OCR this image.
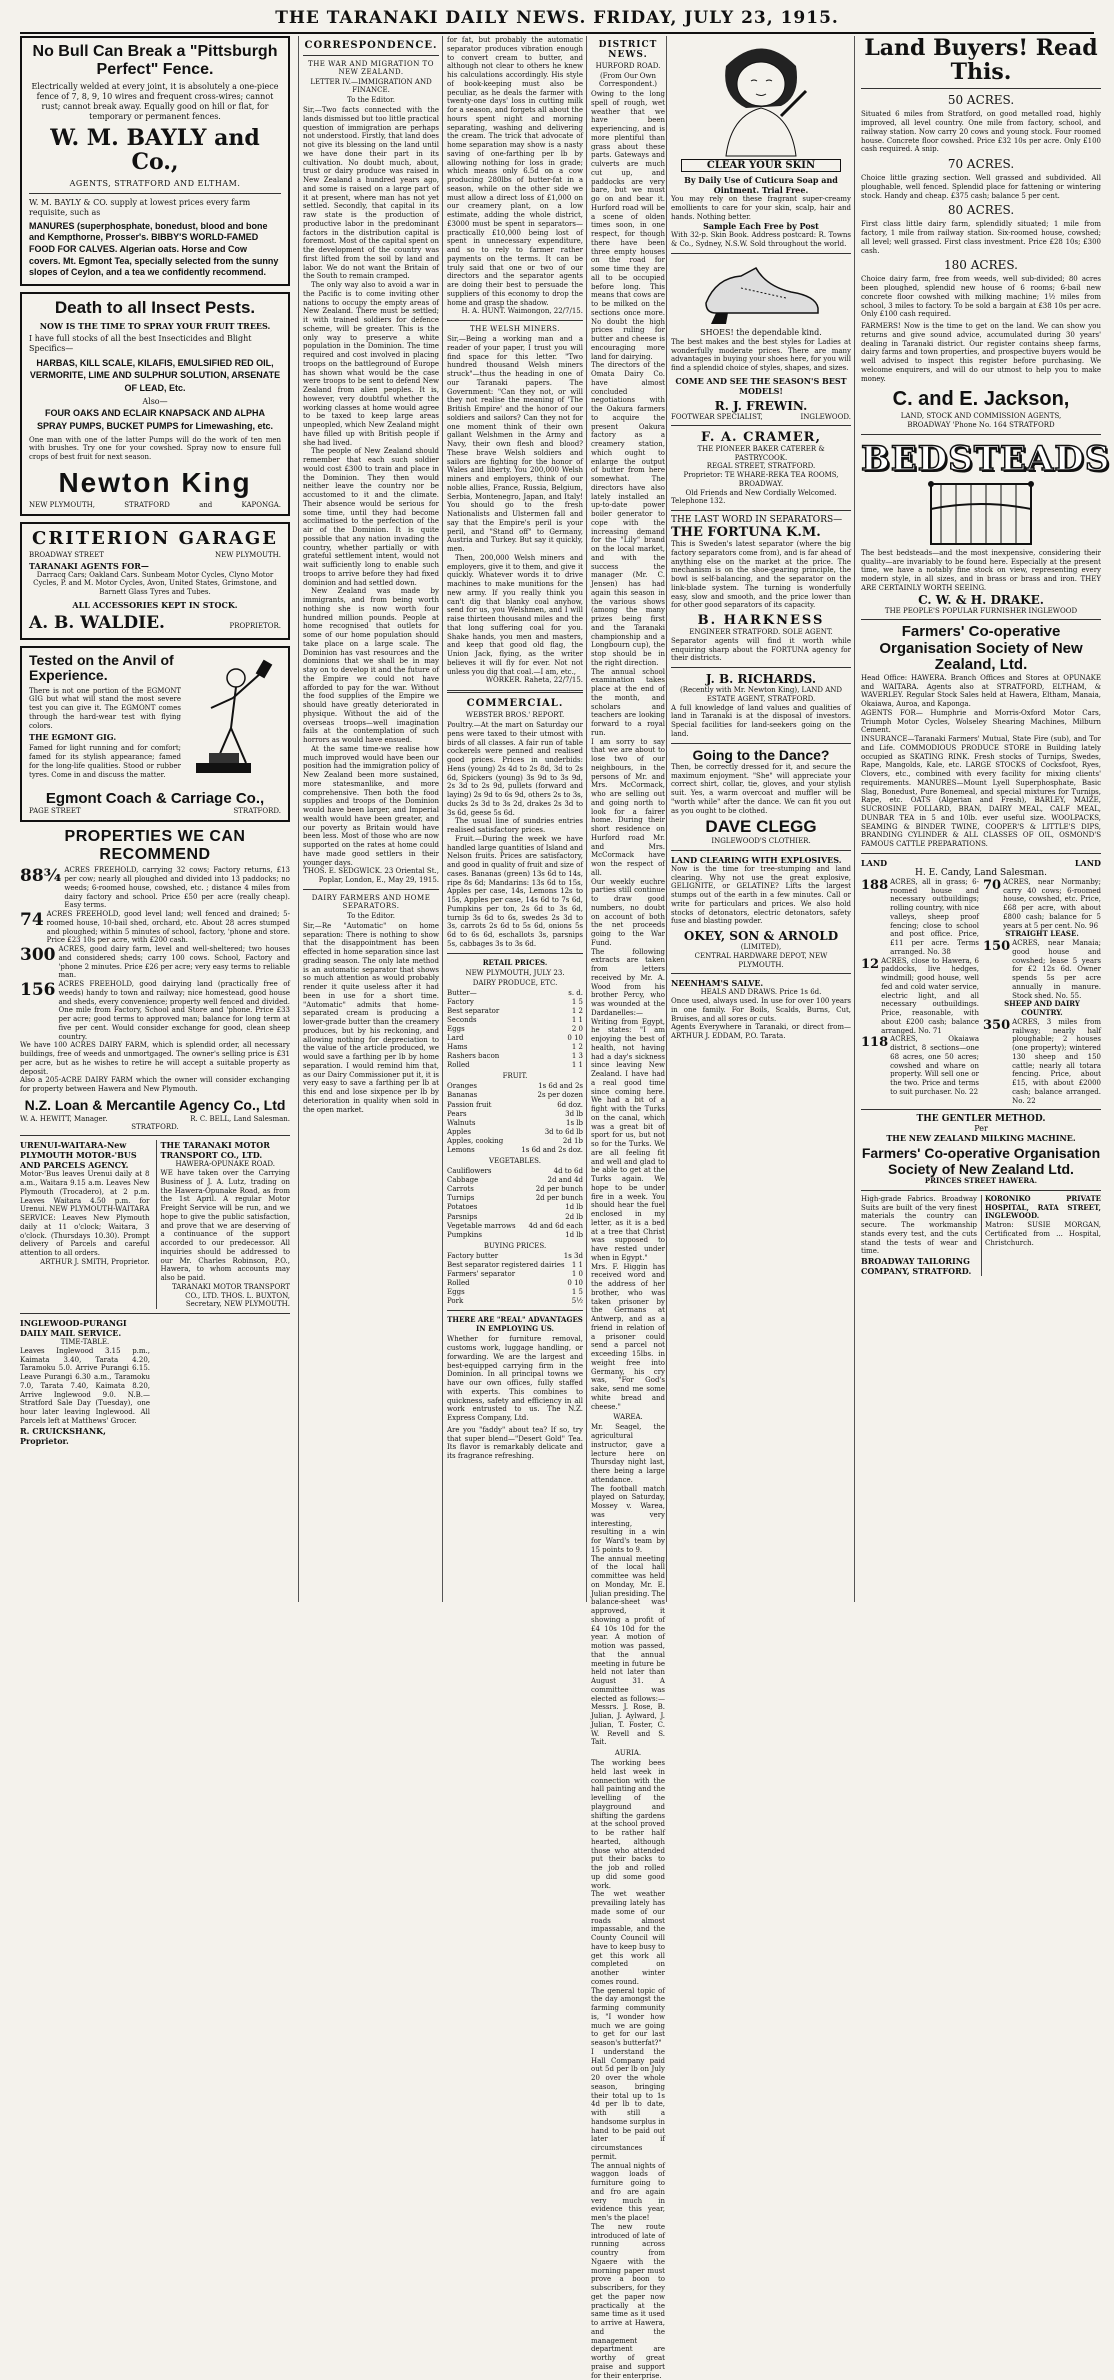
THE TARANAKI DAILY NEWS. FRIDAY, JULY 23, 1915.
No Bull Can Break a "Pittsburgh Perfect" Fence.
Electrically welded at every joint, it is absolutely a one-piece fence of 7, 8, 9, 10 wires and frequent cross-wires; cannot rust; cannot break away. Equally good on hill or flat, for temporary or permanent fences.
W. M. BAYLY and Co.,
AGENTS, STRATFORD AND ELTHAM.
W. M. BAYLY & CO. supply at lowest prices every farm requisite, such as
MANURES (superphosphate, bonedust, blood and bone and Kempthorne, Prosser's. BIBBY'S WORLD-FAMED FOOD FOR CALVES. Algerian oats. Horse and Cow covers. Mt. Egmont Tea, specially selected from the sunny slopes of Ceylon, and a tea we confidently recommend.
Death to all Insect Pests.
NOW IS THE TIME TO SPRAY YOUR FRUIT TREES.
I have full stocks of all the best Insecticides and Blight Specifics—
HARBAS, KILL SCALE, KILAFIS, EMULSIFIED RED OIL, VERMORITE, LIME AND SULPHUR SOLUTION, ARSENATE OF LEAD, Etc.
Also—
FOUR OAKS AND ECLAIR KNAPSACK AND ALPHA SPRAY PUMPS, BUCKET PUMPS for Limewashing, etc.
One man with one of the latter Pumps will do the work of ten men with brushes. Try one for your cowshed. Spray now to ensure full crops of best fruit for next season.
Newton King
NEW PLYMOUTH,	STRATFORD	and	KAPONGA.
CRITERION GARAGE
BROADWAY STREET	NEW PLYMOUTH.
TARANAKI AGENTS FOR—
Darracq Cars; Oakland Cars. Sunbeam Motor Cycles, Clyno Motor Cycles, P. and M. Motor Cycles, Avon, United States, Grimstone, and Barnett Glass Tyres and Tubes.
ALL ACCESSORIES KEPT IN STOCK.
A. B. WALDIE.	PROPRIETOR.
Tested on the Anvil of Experience.
There is not one portion of the EGMONT GIG but what will stand the most severe test you can give it. The EGMONT comes through the hard-wear test with flying colors.
THE EGMONT GIG.
Famed for light running and for comfort; famed for its stylish appearance; famed for the long-life qualities. Stood or rubber tyres. Come in and discuss the matter.
Egmont Coach & Carriage Co.,
PAGE STREET	STRATFORD.
PROPERTIES WE CAN RECOMMEND
88¾ ACRES FREEHOLD, carrying 32 cows; Factory returns, £13 per cow; nearly all ploughed and divided into 13 paddocks; no weeds; 6-roomed house, cowshed, etc. ; distance 4 miles from dairy factory and school. Price £50 per acre (really cheap). Easy terms.
74 ACRES FREEHOLD, good level land; well fenced and drained; 5-roomed house, 10-bail shed, orchard, etc. About 28 acres stumped and ploughed; within 5 minutes of school, factory, 'phone and store. Price £23 10s per acre, with £200 cash.
300 ACRES, good dairy farm, level and well-sheltered; two houses and considered sheds; carry 100 cows. School, Factory and 'phone 2 minutes. Price £26 per acre; very easy terms to reliable man.
156 ACRES FREEHOLD, good dairying land (practically free of weeds) handy to town and railway; nice homestead, good house and sheds, every convenience; property well fenced and divided. One mile from Factory, School and Store and 'phone. Price £33 per acre; good terms to approved man; balance for long term at five per cent. Would consider exchange for good, clean sheep country.
We have 100 ACRES DAIRY FARM, which is splendid order, all necessary buildings, free of weeds and unmortgaged. The owner's selling price is £31 per acre, but as he wishes to retire he will accept a suitable property as deposit.
Also a 205-ACRE DAIRY FARM which the owner will consider exchanging for property between Hawera and New Plymouth.
N.Z. Loan & Mercantile Agency Co., Ltd
W. A. HEWITT, Manager.	R. C. BELL, Land Salesman.
STRATFORD.
URENUI-WAITARA-New PLYMOUTH MOTOR-'BUS AND PARCELS AGENCY.
Motor-'Bus leaves Urenui daily at 8 a.m., Waitara 9.15 a.m. Leaves New Plymouth (Trocadero), at 2 p.m. Leaves Waitara 4.50 p.m. for Urenui. NEW PLYMOUTH-WAITARA SERVICE: Leaves New Plymouth daily at 11 o'clock; Waitara, 3 o'clock. (Thursdays 10.30). Prompt delivery of Parcels and careful attention to all orders.
ARTHUR J. SMITH, Proprietor.
THE TARANAKI MOTOR TRANSPORT CO., LTD.
HAWERA-OPUNAKE ROAD.
WE have taken over the Carrying Business of J. A. Lutz, trading on the Hawera-Opunake Road, as from the 1st April. A regular Motor Freight Service will be run, and we hope to give the public satisfaction, and prove that we are deserving of a continuance of the support accorded to our predecessor. All inquiries should be addressed to our Mr. Charles Robinson, P.O., Hawera, to whom accounts may also be paid.
TARANAKI MOTOR TRANSPORT CO., LTD. THOS. L. BUXTON, Secretary, NEW PLYMOUTH.
INGLEWOOD-PURANGI DAILY MAIL SERVICE.
TIME-TABLE.
Leaves Inglewood 3.15 p.m., Kaimata 3.40, Tarata 4.20, Taramoku 5.0. Arrive Purangi 6.15. Leave Purangi 6.30 a.m., Taramoku 7.0, Tarata 7.40, Kaimata 8.20, Arrive Inglewood 9.0. N.B.—Stratford Sale Day (Tuesday), one hour later leaving Inglewood. All Parcels left at Matthews' Grocer.
R. CRUICKSHANK, Proprietor.
CORRESPONDENCE.
THE WAR AND MIGRATION TO NEW ZEALAND.
LETTER IV.—IMMIGRATION AND FINANCE.
To the Editor.
Sir,—Two facts connected with the lands dismissed but too little practical question of immigration are perhaps not understood. Firstly, that land does not give its blessing on the land until we have done their part in its cultivation. No doubt much, about, trust or dairy produce was raised in New Zealand a hundred years ago, and some is raised on a large part of it at present, where man has not yet settled. Secondly, that capital in its raw state is the production of productive labor in the predominant factors in the distribution capital is foremost. Most of the capital spent on the development of the country was first lifted from the soil by land and labor. We do not want the Britain of the South to remain cramped.
The only way also to avoid a war in the Pacific is to come inviting other nations to occupy the empty areas of New Zealand. There must be settled; it with trained soldiers for defence scheme, will be greater. This is the only way to preserve a white population in the Dominion. The time required and cost involved in placing troops on the battleground of Europe has shown what would be the case were troops to be sent to defend New Zealand from alien peoples. It is, however, very doubtful whether the working classes at home would agree to be taxed to keep large areas unpeopled, which New Zealand might have filled up with British people if she had lived.
The people of New Zealand should remember that each such soldier would cost £300 to train and place in the Dominion. They then would neither leave the country nor be accustomed to it and the climate. Their absence would be serious for some time, until they had become acclimatised to the perfection of the air of the Dominion. It is quite possible that any nation invading the country, whether partially or with grateful settlement intent, would not wait sufficiently long to enable such troops to arrive before they had fixed dominion and had settled down.
New Zealand was made by immigrants, and from being worth nothing she is now worth four hundred million pounds. People at home recognised that outlets for some of our home population should take place on a large scale. The Dominion has vast resources and the dominions that we shall be in may stay on to develop it and the future of the Empire we could not have afforded to pay for the war. Without the food supplies of the Empire we should have greatly deteriorated in physique. Without the aid of the overseas troops—well imagination fails at the contemplation of such horrors as would have ensued.
At the same time-we realise how much improved would have been our position had the immigration policy of New Zealand been more sustained, more statesmanlike, and more comprehensive. Then both the food supplies and troops of the Dominion would have been larger, and Imperial wealth would have been greater, and our poverty as Britain would have been less. Most of those who are now supported on the rates at home could have made good settlers in their younger days.
THOS. E. SEDGWICK. 23 Oriental St., Poplar, London, E., May 29, 1915.
DAIRY FARMERS AND HOME SEPARATORS.
To the Editor.
Sir,—Re "Automatic" on home separation: There is nothing to show that the disappointment has been effected in home separation since last grading season. The only late method is an automatic separator that shows so much attention as would probably render it quite useless after it had been in use for a short time. "Automatic" admits that home-separated cream is producing a lower-grade butter than the creamery produces, but by his reckoning, and allowing nothing for depreciation to the value of the article produced, we would save a farthing per lb by home separation. I would remind him that, as our Dairy Commissioner put it, it is very easy to save a farthing per lb at this end and lose sixpence per lb by deterioration in quality when sold in the open market.
for fat, but probably the automatic separator produces vibration enough to convert cream to butter, and although not clear to others he knew his calculations accordingly. His style of book-keeping must also be peculiar, as he deals the farmer with twenty-one days' loss in cutting milk for a season, and forgets all about the hours spent night and morning separating, washing and delivering the cream. The trick that advocate of home separation may show is a nasty saving of one-farthing per lb by allowing nothing for loss in grade; which means only 6.5d on a cow producing 280lbs of butter-fat in a season, while on the other side we must allow a direct loss of £1,000 on our creamery plant, on a low estimate, adding the whole district, £3000 must be spent in separators—practically £10,000 being lost of spent in unnecessary expenditure, and so to rely to farmer rather payments on the terms. It can be truly said that one or two of our directors and the separator agents are doing their best to persuade the suppliers of this economy to drop the home and grasp the shadow.
H. A. HUNT. Waimongon, 22/7/15.
THE WELSH MINERS.
Sir,—Being a working man and a reader of your paper, I trust you will find space for this letter. "Two hundred thousand Welsh miners struck"—thus the heading in one of our Taranaki papers. The Government: "Can they not, or will they not realise the meaning of 'The British Empire' and the honor of our soldiers and sailors? Can they not for one moment think of their own gallant Welshmen in the Army and Navy, their own flesh and blood? These brave Welsh soldiers and sailors are fighting for the honor of Wales and liberty. You 200,000 Welsh miners and employers, think of our noble allies, France, Russia, Belgium, Serbia, Montenegro, Japan, and Italy! You should go to the fresh Nationalists and Ulstermen fall and say that the Empire's peril is your peril, and "Stand off" to Germany, Austria and Turkey. But say it quickly, men.
Then, 200,000 Welsh miners and employers, give it to them, and give it quickly. Whatever words it to drive machines to make munitions for the new army. If you really think you can't dig that blanky coal anyhow, send for us, you Welshmen, and I will raise thirteen thousand miles and the that long suffering coal for you. Shake hands, you men and masters, and keep that good old flag, the Union Jack, flying, as the writer believes it will fly for ever. Not not unless you dig that coal.—I am, etc.,
WORKER. Raheta, 22/7/15.
COMMERCIAL.
WEBSTER BROS.' REPORT.
Poultry.—At the mart on Saturday our pens were taxed to their utmost with birds of all classes. A fair run of table cockerels were penned and realised good prices. Prices in underbids: Hens (young) 2s 4d to 2s 8d, 3d to 2s 6d, Spickers (young) 3s 9d to 3s 9d, 2s 3d to 2s 9d, pullets (forward and laying) 2s 9d to 6s 9d, others 2s to 3s, ducks 2s 3d to 3s 2d, drakes 2s 3d to 3s 6d, geese 5s 6d.
The usual line of sundries entries realised satisfactory prices.
Fruit.—During the week we have handled large quantities of Island and Nelson fruits. Prices are satisfactory, and good in quality of fruit and size of cases. Bananas (green) 13s 6d to 14s, ripe 8s 6d; Mandarins: 13s 6d to 15s, Apples per case, 14s, Lemons 12s to 15s, Apples per case, 14s 6d to 7s 6d, Pumpkins per ton, 2s 6d to 3s 6d, turnip 3s 6d to 6s, swedes 2s 3d to 3s, carrots 2s 6d to 5s 6d, onions 5s 6d to 6s 6d, eschallots 3s, parsnips 5s, cabbages 3s to 3s 6d.
RETAIL PRICES.
NEW PLYMOUTH, JULY 23.
DAIRY PRODUCE, ETC.
Butter—	s. d.
Factory	1 5
Best separator	1 2
Seconds	1 1
Eggs	2 0
Lard	0 10
Hams	1 2
Rashers bacon	1 3
Rolled	1 1
FRUIT.
Oranges	1s 6d and 2s
Bananas	2s per dozen
Passion fruit	6d doz.
Pears	3d lb
Walnuts	1s lb
Apples	3d to 6d lb
Apples, cooking	2d 1b
Lemons	1s 6d and 2s doz.
VEGETABLES.
Cauliflowers	4d to 6d
Cabbage	2d and 4d
Carrots	2d per bunch
Turnips	2d per bunch
Potatoes	1d lb
Parsnips	2d lb
Vegetable marrows 4d and 6d each
Pumpkins	1d lb
BUYING PRICES.
Factory butter	1s 3d
Best separator registered dairies 1 1
Farmers' separator	1 0
Rolled	0 10
Eggs	1 5
Pork	5½
THERE ARE "REAL" ADVANTAGES IN EMPLOYING US.
Whether for furniture removal, customs work, luggage handling, or forwarding. We are the largest and best-equipped carrying firm in the Dominion. In all principal towns we have our own offices, fully staffed with experts. This combines to quickness, safety and efficiency in all work entrusted to us. The N.Z. Express Company, Ltd.
Are you "faddy" about tea? If so, try that super blend—"Desert Gold" Tea. Its flavor is remarkably delicate and its fragrance refreshing.
CLEAR YOUR SKIN
By Daily Use of Cuticura Soap and Ointment. Trial Free.
You may rely on these fragrant super-creamy emollients to care for your skin, scalp, hair and hands. Nothing better.
Sample Each Free by Post
With 32-p. Skin Book. Address postcard: R. Towns & Co., Sydney, N.S.W. Sold throughout the world.
SHOES! the dependable kind.
The best makes and the best styles for Ladies at wonderfully moderate prices. There are many advantages in buying your shoes here, for you will find a splendid choice of styles, shapes, and sizes.
COME AND SEE THE SEASON'S BEST MODELS!
R. J. FREWIN.
FOOTWEAR SPECIALIST,	INGLEWOOD.
F. A. CRAMER,
THE PIONEER BAKER CATERER & PASTRYCOOK.
REGAL STREET, STRATFORD.
Proprietor: TE WHARE-REKA TEA ROOMS, BROADWAY.
Old Friends and New Cordially Welcomed.
Telephone 132.
THE LAST WORD IN SEPARATORS—
THE FORTUNA K.M.
This is Sweden's latest separator (where the big factory separators come from), and is far ahead of anything else on the market at the price. The mechanism is on the shoe-gearing principle, the bowl is self-balancing, and the separator on the link-blade system. The turning is wonderfully easy, slow and smooth, and the price lower than for other good separators of its capacity.
B. HARKNESS
ENGINEER STRATFORD. SOLE AGENT.
Separator agents will find it worth while enquiring sharp about the FORTUNA agency for their districts.
J. B. RICHARDS.
(Recently with Mr. Newton King), LAND AND ESTATE AGENT, STRATFORD.
A full knowledge of land values and qualities of land in Taranaki is at the disposal of investors. Special facilities for land-seekers going on the land.
Going to the Dance?
Then, be correctly dressed for it, and secure the maximum enjoyment. "She" will appreciate your correct shirt, collar, tie, gloves, and your stylish suit. Yes, a warm overcoat and muffler will be "worth while" after the dance. We can fit you out as you ought to be clothed.
DAVE CLEGG
INGLEWOOD'S CLOTHIER.
LAND CLEARING WITH EXPLOSIVES.
Now is the time for tree-stumping and land clearing. Why not use the great explosive, GELIGNITE, or GELATINE? Lifts the largest stumps out of the earth in a few minutes. Call or write for particulars and prices. We also hold stocks of detonators, electric detonators, safety fuse and blasting powder.
OKEY, SON & ARNOLD
(LIMITED),
CENTRAL HARDWARE DEPOT, NEW PLYMOUTH.
NEENHAM'S SALVE.
HEALS AND DRAWS. Price 1s 6d.
Once used, always used. In use for over 100 years in one family. For Boils, Scalds, Burns, Cut, Bruises, and all sores or cuts.
Agents Everywhere in Taranaki, or direct from— ARTHUR J. EDDAM, P.O. Tarata.
Land Buyers! Read This.
50 ACRES.
Situated 6 miles from Stratford, on good metalled road, highly improved, all level country. One mile from factory, school, and railway station. Now carry 20 cows and young stock. Four roomed house. Concrete floor cowshed. Price £32 10s per acre. Only £100 cash required. A snip.
70 ACRES.
Choice little grazing section. Well grassed and subdivided. All ploughable, well fenced. Splendid place for fattening or wintering stock. Handy and cheap. £375 cash; balance 5 per cent.
80 ACRES.
First class little dairy farm, splendidly situated; 1 mile from factory, 1 mile from railway station. Six-roomed house, cowshed; all level; well grassed. First class investment. Price £28 10s; £300 cash.
180 ACRES.
Choice dairy farm, free from weeds, well sub-divided; 80 acres been ploughed, splendid new house of 6 rooms; 6-bail new concrete floor cowshed with milking machine; 1½ miles from school, 3 miles to factory. To be sold a bargain at £38 10s per acre. Only £100 cash required.
FARMERS! Now is the time to get on the land. We can show you returns and give sound advice, accumulated during 30 years' dealing in Taranaki district. Our register contains sheep farms, dairy farms and town properties, and prospective buyers would be well advised to inspect this register before purchasing. We welcome enquirers, and will do our utmost to help you to make money.
C. and E. Jackson,
LAND, STOCK AND COMMISSION AGENTS,
BROADWAY 'Phone No. 164 STRATFORD
BEDSTEADS
The best bedsteads—and the most inexpensive, considering their quality—are invariably to be found here. Especially at the present time, we have a notably fine stock on view, representing every modern style, in all sizes, and in brass or brass and iron. THEY ARE CERTAINLY WORTH SEEING.
C. W. & H. DRAKE.
THE PEOPLE'S POPULAR FURNISHER INGLEWOOD
Farmers' Co-operative Organisation Society of New Zealand, Ltd.
Head Office: HAWERA. Branch Offices and Stores at OPUNAKE and WAITARA. Agents also at STRATFORD, ELTHAM, & WAVERLEY. Regular Stock Sales held at Hawera, Eltham, Manaia, Okaiawa, Auroa, and Kaponga.
AGENTS FOR— Humphrie and Morris-Oxford Motor Cars, Triumph Motor Cycles, Wolseley Shearing Machines, Milburn Cement.
INSURANCE—Taranaki Farmers' Mutual, State Fire (sub), and Tor and Life. COMMODIOUS PRODUCE STORE in Building lately occupied as SKATING RINK. Fresh stocks of Turnips, Swedes, Rape, Mangolds, Kale, etc. LARGE STOCKS of Cocksfoot, Ryes, Clovers, etc., combined with every facility for mixing clients' requirements. MANURES—Mount Lyell Superphosphate, Basic Slag, Bonedust, Pure Bonemeal, and special mixtures for Turnips, Rape, etc. OATS (Algerian and Fresh), BARLEY, MAIZE, SUCROSINE FOLLARD, BRAN, DAIRY MEAL, CALF MEAL, DUNBAR TEA in 5 and 10lb. ever useful size. WOOLPACKS, SEAMING & BINDER TWINE, COOPER'S & LITTLE'S DIPS, BRANDING CYLINDER & ALL CLASSES OF OIL, OSMOND'S FAMOUS CATTLE PREPARATIONS.
LAND	LAND
H. E. Candy, Land Salesman.
188 ACRES, all in grass; 6-roomed house and necessary outbuildings; rolling country, with nice valleys, sheep proof fencing; close to school and post office. Price, £11 per acre. Terms arranged. No. 38
12 ACRES, close to Hawera, 6 paddocks, live hedges, windmill; good house, well fed and cold water service, electric light, and all necessary outbuildings. Price, reasonable, with about £200 cash; balance arranged. No. 71
118 ACRES, Okaiawa district, 8 sections—one 68 acres, one 50 acres; cowshed and whare on property. Will sell one or the two. Price and terms to suit purchaser. No. 22
70 ACRES, near Normanby; carry 40 cows; 6-roomed house, cowshed, etc. Price, £68 per acre, with about £800 cash; balance for 5 years at 5 per cent. No. 96
STRAIGHT LEASE.
150 ACRES, near Manaia; good house and cowshed; lease 5 years for £2 12s 6d. Owner spends 5s per acre annually in manure. Stock shed. No. 55.
SHEEP AND DAIRY COUNTRY.
350 ACRES, 3 miles from railway; nearly half ploughable; 2 houses (one property); wintered 130 sheep and 150 cattle; nearly all totara fencing. Price, about £15, with about £2000 cash; balance arranged. No. 22
THE GENTLER METHOD.
Per
THE NEW ZEALAND MILKING MACHINE.
Farmers' Co-operative Organisation Society of New Zealand Ltd.
PRINCES STREET HAWERA.
High-grade Fabrics. Broadway Suits are built of the very finest materials the country can secure. The workmanship stands every test, and the cuts stand the tests of wear and time.
BROADWAY TAILORING COMPANY, STRATFORD.
KORONIKO PRIVATE HOSPITAL, RATA STREET, INGLEWOOD.
Matron: SUSIE MORGAN, Certificated from ... Hospital, Christchurch.
DISTRICT NEWS.
HURFORD ROAD.
(From Our Own Correspondent.)
Owing to the long spell of rough, wet weather that we have been experiencing, and is more plentiful than grass about these parts. Gateways and culverts are much cut up, and paddocks are very bare, but we must go on and bear it. Hurford road will be a scene of olden times soon, in one respect, for though there have been three empty houses on the road for some time they are all to be occupied before long. This means that cows are to be milked on the sections once more. No doubt the high prices ruling for butter and cheese is encouraging more land for dairying.
The directors of the Omata Dairy Co. have almost concluded negotiations with the Oakura farmers to acquire the present Oakura factory as a creamery station, which ought to enlarge the output of butter from here somewhat. The directors have also lately installed an up-to-date power boiler generator to cope with the increasing demand for the "Lily" brand on the local market, and with the success the manager (Mr. C. Jensen) has had again this season in the various shows (among the many prizes being first and the Taranaki championship and a Longbourn cup), the stop should be in the right direction.
The annual school examination takes place at the end of the month, and scholars and teachers are looking forward to a royal run.
I am sorry to say that we are about to lose two of our neighbours, in the persons of Mr. and Mrs. McCormack, who are selling out and going north to look for a fairer home. During their short residence on Hurford road Mr. and Mrs. McCormack have won the respect of all.
Our weekly euchre parties still continue to draw good numbers, no doubt on account of both the net proceeds going to the War Fund.
The following extracts are taken from letters received by Mr. A. Wood from his brother Percy, who was wounded at the Dardanelles:—Writing from Egypt, he states: "I am enjoying the best of health, not having had a day's sickness since leaving New Zealand. I have had a real good time since coming here. We had a bit of a fight with the Turks on the canal, which was a great bit of sport for us, but not so for the Turks. We are all feeling fit and well and glad to be able to get at the Turks again. We hope to be under fire in a week. You should hear the fuel enclosed in my letter, as it is a bed at a tree that Christ was supposed to have rested under when in Egypt."
Mrs. F. Higgin has received word and the address of her brother, who was taken prisoner by the Germans at Antwerp, and as a friend in relation of a prisoner could send a parcel not exceeding 15lbs. in weight free into Germany, his cry was, "For God's sake, send me some white bread and cheese."
WAREA.
Mr. Seagel, the agricultural instructor, gave a lecture here on Thursday night last, there being a large attendance.
The football match played on Saturday, Mossey v. Warea, was very interesting, resulting in a win for Ward's team by 15 points to 9.
The annual meeting of the local hall committee was held on Monday, Mr. E. Julian presiding. The balance-sheet was approved, it showing a profit of £4 10s 10d for the year. A motion of motion was passed, that the annual meeting in future be held not later than August 31. A committee was elected as follows:—Messrs. J. Rose, B. Julian, J. Aylward, J. Julian, T. Foster, C. W. Revell and S. Tait.
AURIA.
The working bees held last week in connection with the hall painting and the levelling of the playground and shifting the gardens at the school proved to be rather half hearted, although those who attended put their backs to the job and rolled up did some good work.
The wet weather prevailing lately has made some of our roads almost impassable, and the County Council will have to keep busy to get this work all completed on another winter comes round.
The general topic of the day amongst the farming community is, "I wonder how much we are going to get for our last season's butterfat?"
I understand the Hall Company paid out 5d per lb on July 20 over the whole season, bringing their total up to 1s 4d per lb to date, with still a handsome surplus in hand to be paid out later if circumstances permit.
The annual nights of waggon loads of furniture going to and fro are again very much in evidence this year, men's the place!
The new route introduced of late of running across country from Ngaere with the morning paper must prove a boon to subscribers, for they get the paper now practically at the same time as it used to arrive at Hawera, and the management department are worthy of great praise and support for their enterprise.
